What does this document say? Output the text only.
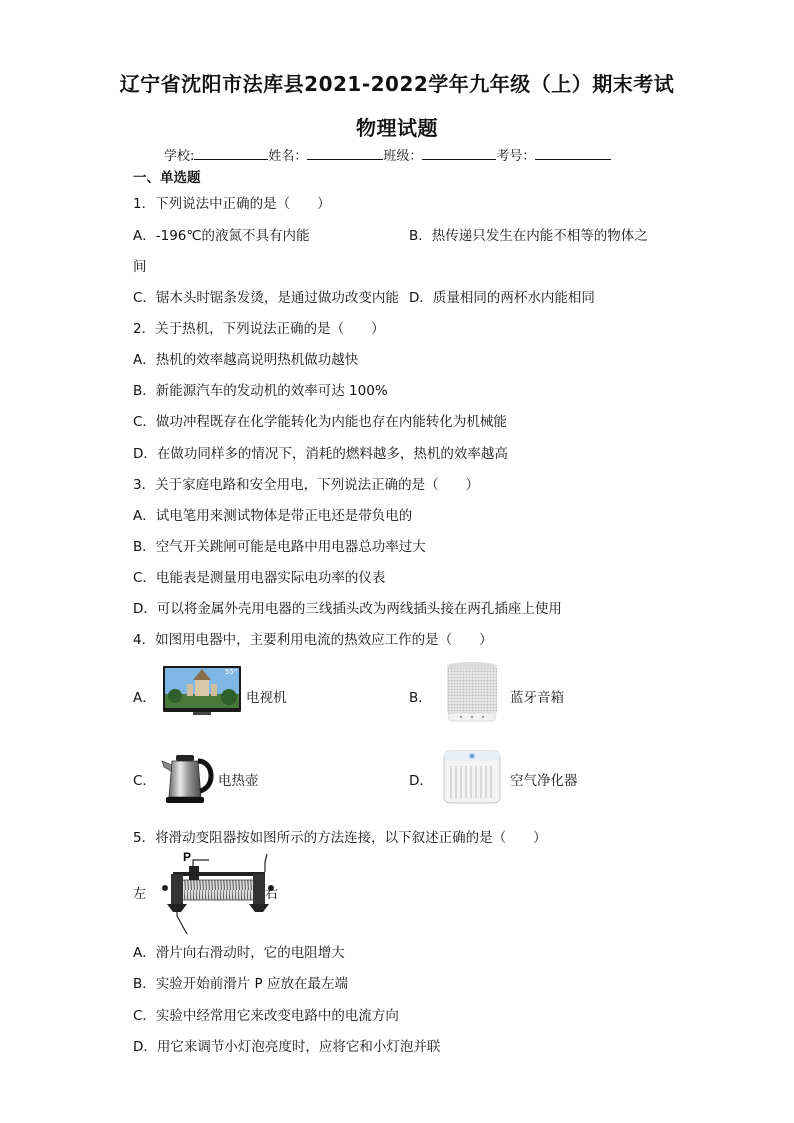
辽宁省沈阳市法库县2021-2022学年九年级（上）期末考试
物理试题
学校:	姓名：	班级：	考号：
一、单选题
1．下列说法中正确的是（　　）
A．-196℃的液氮不具有内能	B．热传递只发生在内能不相等的物体之
间
C．锯木头时锯条发烫，是通过做功改变内能 D．质量相同的两杯水内能相同
2．关于热机，下列说法正确的是（　　）
A．热机的效率越高说明热机做功越快
B．新能源汽车的发动机的效率可达 100%
C．做功冲程既存在化学能转化为内能也存在内能转化为机械能
D．在做功同样多的情况下，消耗的燃料越多，热机的效率越高
3．关于家庭电路和安全用电，下列说法正确的是（　　）
A．试电笔用来测试物体是带正电还是带负电的
B．空气开关跳闸可能是电路中用电器总功率过大
C．电能表是测量用电器实际电功率的仪表
D．可以将金属外壳用电器的三线插头改为两线插头接在两孔插座上使用
4．如图用电器中，主要利用电流的热效应工作的是（　　）
A．
55"
电视机	B．	蓝牙音箱
C．	电热壶	D．	空气净化器
5．将滑动变阻器按如图所示的方法连接，以下叙述正确的是（　　）
P
左	右
A．滑片向右滑动时，它的电阻增大
B．实验开始前滑片 P 应放在最左端
C．实验中经常用它来改变电路中的电流方向
D．用它来调节小灯泡亮度时，应将它和小灯泡并联
